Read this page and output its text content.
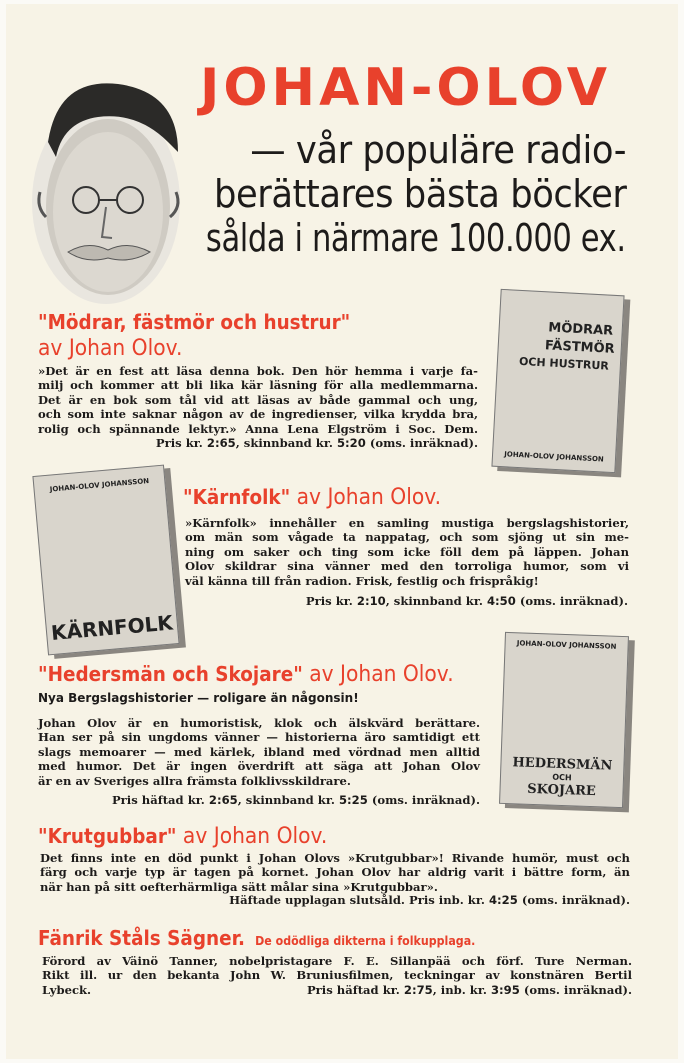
JOHAN-OLOV
— vår populäre radio-
berättares bästa böcker
sålda i närmare 100.000 ex.
"Mödrar, fästmör och hustrur"
av Johan Olov.
»Det är en fest att läsa denna bok. Den hör hemma i varje fa-
milj och kommer att bli lika kär läsning för alla medlemmarna.
Det är en bok som tål vid att läsas av både gammal och ung,
och som inte saknar någon av de ingredienser, vilka krydda bra,
rolig och spännande lektyr.» Anna Lena Elgström i Soc. Dem.
Pris kr. 2:65, skinnband kr. 5:20 (oms. inräknad).
MÖDRAR
FÄSTMÖR
OCH HUSTRUR
JOHAN-OLOV JOHANSSON
JOHAN-OLOV JOHANSSON
KÄRNFOLK
"Kärnfolk" av Johan Olov.
»Kärnfolk» innehåller en samling mustiga bergslagshistorier,
om män som vågade ta nappatag, och som sjöng ut sin me-
ning om saker och ting som icke föll dem på läppen. Johan
Olov skildrar sina vänner med den torroliga humor, som vi
väl känna till från radion. Frisk, festlig och frispråkig!
Pris kr. 2:10, skinnband kr. 4:50 (oms. inräknad).
"Hedersmän och Skojare" av Johan Olov.
Nya Bergslagshistorier — roligare än någonsin!
Johan Olov är en humoristisk, klok och älskvärd berättare.
Han ser på sin ungdoms vänner — historierna äro samtidigt ett
slags memoarer — med kärlek, ibland med vördnad men alltid
med humor. Det är ingen överdrift att säga att Johan Olov
är en av Sveriges allra främsta folklivsskildrare.
Pris häftad kr. 2:65, skinnband kr. 5:25 (oms. inräknad).
JOHAN-OLOV JOHANSSON
HEDERSMÄN
OCH
SKOJARE
"Krutgubbar" av Johan Olov.
Det finns inte en död punkt i Johan Olovs »Krutgubbar»! Rivande humör, must och
färg och varje typ är tagen på kornet. Johan Olov har aldrig varit i bättre form, än
när han på sitt oefterhärmliga sätt målar sina »Krutgubbar».
Häftade upplagan slutsåld. Pris inb. kr. 4:25 (oms. inräknad).
Fänrik Ståls Sägner. De odödliga dikterna i folkupplaga.
Förord av Väinö Tanner, nobelpristagare F. E. Sillanpää och förf. Ture Nerman.
Rikt ill. ur den bekanta John W. Bruniusfilmen, teckningar av konstnären Bertil
Lybeck.	Pris häftad kr. 2:75, inb. kr. 3:95 (oms. inräknad).
